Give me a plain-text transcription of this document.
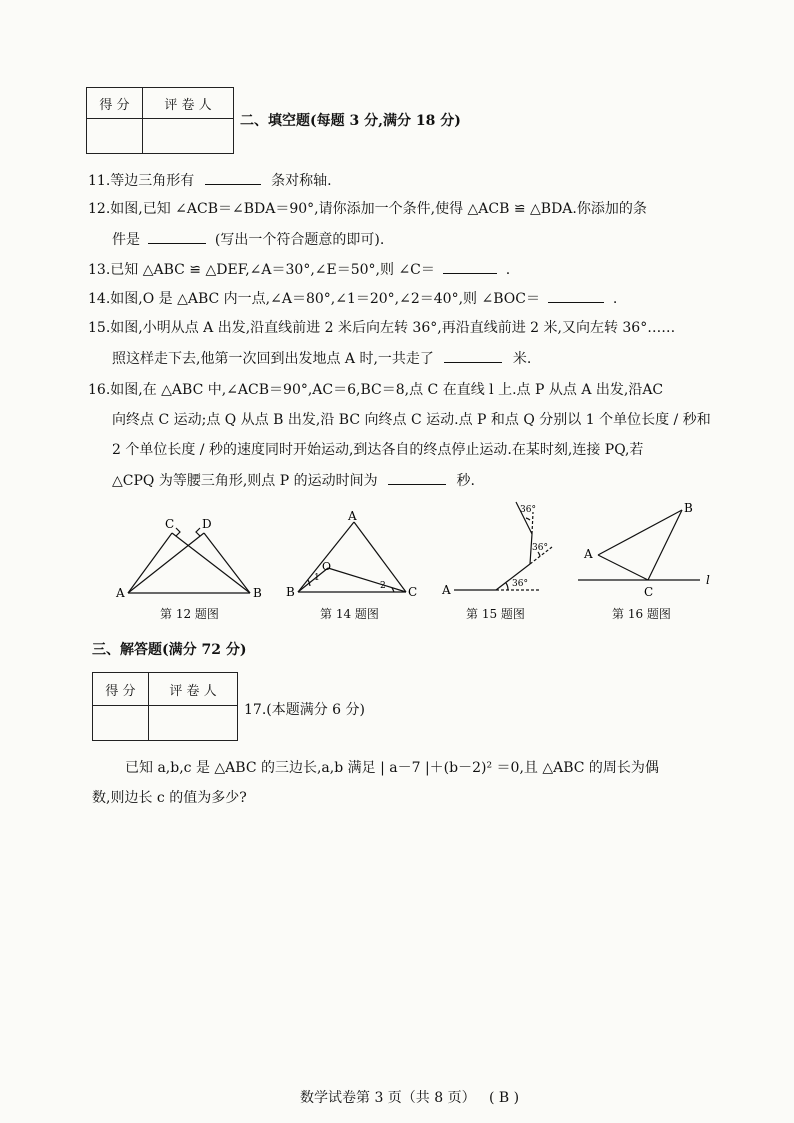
得 分	评 卷 人

二、填空题(每题 3 分,满分 18 分)
11.等边三角形有	条对称轴.
12.如图,已知 ∠ACB＝∠BDA＝90°,请你添加一个条件,使得 △ACB ≌ △BDA.你添加的条
件是	(写出一个符合题意的即可).
13.已知 △ABC ≌ △DEF,∠A＝30°,∠E＝50°,则 ∠C＝	.
14.如图,O 是 △ABC 内一点,∠A＝80°,∠1＝20°,∠2＝40°,则 ∠BOC＝	.
15.如图,小明从点 A 出发,沿直线前进 2 米后向左转 36°,再沿直线前进 2 米,又向左转 36°……
照这样走下去,他第一次回到出发地点 A 时,一共走了	米.
16.如图,在 △ABC 中,∠ACB＝90°,AC＝6,BC＝8,点 C 在直线 l 上.点 P 从点 A 出发,沿AC
向终点 C 运动;点 Q 从点 B 出发,沿 BC 向终点 C 运动.点 P 和点 Q 分别以 1 个单位长度 / 秒和
2 个单位长度 / 秒的速度同时开始运动,到达各自的终点停止运动.在某时刻,连接 PQ,若
△CPQ 为等腰三角形,则点 P 的运动时间为	秒.
A	B
C D
第 12 题图
B	C
A
O
1
2
第 14 题图
A	36°
36°
36°
第 15 题图
A
B
C
l
第 16 题图
三、解答题(满分 72 分)
得 分	评 卷 人

17.(本题满分 6 分)
已知 a,b,c 是 △ABC 的三边长,a,b 满足 | a－7 |＋(b－2)² ＝0,且 △ABC 的周长为偶
数,则边长 c 的值为多少?
数学试卷第 3 页（共 8 页）   ( B )
